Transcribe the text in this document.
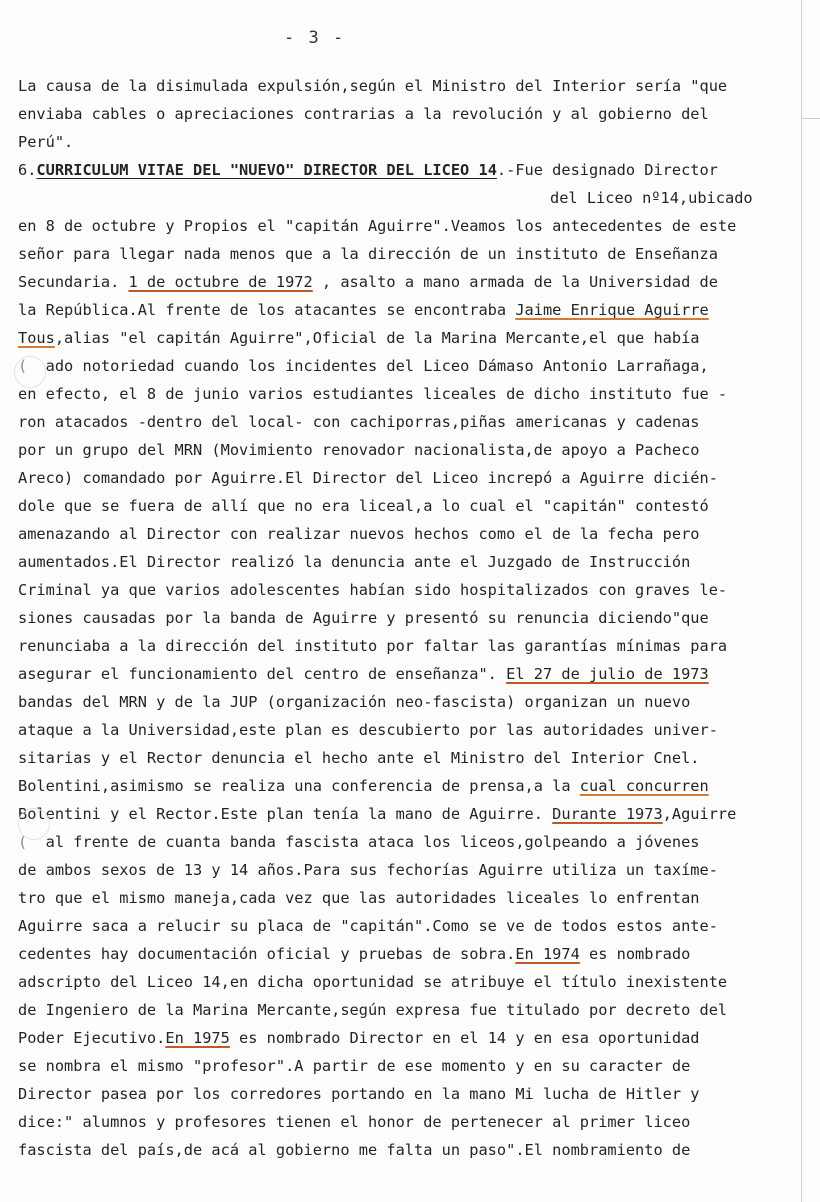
- 3 -
La causa de la disimulada expulsión,según el Ministro del Interior sería "que
enviaba cables o apreciaciones contrarias a la revolución y al gobierno del
Perú".
6.CURRICULUM VITAE DEL "NUEVO" DIRECTOR DEL LICEO 14.-Fue designado Director
del Liceo nº14,ubicado
en 8 de octubre y Propios el "capitán Aguirre".Veamos los antecedentes de este
señor para llegar nada menos que a la dirección de un instituto de Enseñanza
Secundaria. 1 de octubre de 1972 , asalto a mano armada de la Universidad de
la República.Al frente de los atacantes se encontraba Jaime Enrique Aguirre
Tous,alias "el capitán Aguirre",Oficial de la Marina Mercante,el que había
(  ado notoriedad cuando los incidentes del Liceo Dámaso Antonio Larrañaga,
en efecto, el 8 de junio varios estudiantes liceales de dicho instituto fue -
ron atacados -dentro del local- con cachiporras,piñas americanas y cadenas
por un grupo del MRN (Movimiento renovador nacionalista,de apoyo a Pacheco
Areco) comandado por Aguirre.El Director del Liceo increpó a Aguirre dicién-
dole que se fuera de allí que no era liceal,a lo cual el "capitán" contestó
amenazando al Director con realizar nuevos hechos como el de la fecha pero
aumentados.El Director realizó la denuncia ante el Juzgado de Instrucción
Criminal ya que varios adolescentes habían sido hospitalizados con graves le-
siones causadas por la banda de Aguirre y presentó su renuncia diciendo"que
renunciaba a la dirección del instituto por faltar las garantías mínimas para
asegurar el funcionamiento del centro de enseñanza". El 27 de julio de 1973
bandas del MRN y de la JUP (organización neo-fascista) organizan un nuevo
ataque a la Universidad,este plan es descubierto por las autoridades univer-
sitarias y el Rector denuncia el hecho ante el Ministro del Interior Cnel.
Bolentini,asimismo se realiza una conferencia de prensa,a la cual concurren
Bolentini y el Rector.Este plan tenía la mano de Aguirre. Durante 1973,Aguirre
(  al frente de cuanta banda fascista ataca los liceos,golpeando a jóvenes
de ambos sexos de 13 y 14 años.Para sus fechorías Aguirre utiliza un taxíme-
tro que el mismo maneja,cada vez que las autoridades liceales lo enfrentan
Aguirre saca a relucir su placa de "capitán".Como se ve de todos estos ante-
cedentes hay documentación oficial y pruebas de sobra.En 1974 es nombrado
adscripto del Liceo 14,en dicha oportunidad se atribuye el título inexistente
de Ingeniero de la Marina Mercante,según expresa fue titulado por decreto del
Poder Ejecutivo.En 1975 es nombrado Director en el 14 y en esa oportunidad
se nombra el mismo "profesor".A partir de ese momento y en su caracter de
Director pasea por los corredores portando en la mano Mi lucha de Hitler y
dice:" alumnos y profesores tienen el honor de pertenecer al primer liceo
fascista del país,de acá al gobierno me falta un paso".El nombramiento de
